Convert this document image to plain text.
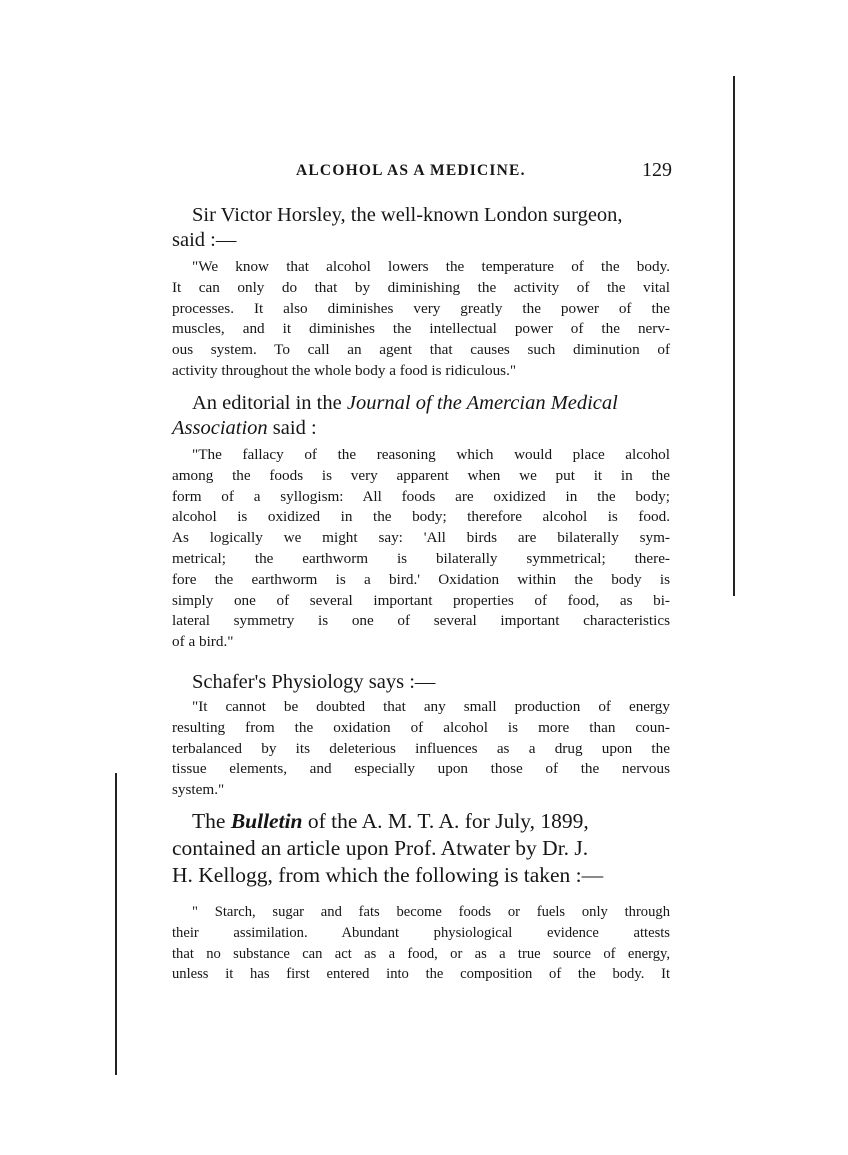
ALCOHOL AS A MEDICINE.	129
Sir Victor Horsley, the well-known London surgeon,
said :—
"We know that alcohol lowers the temperature of the body.
It can only do that by diminishing the activity of the vital
processes. It also diminishes very greatly the power of the
muscles, and it diminishes the intellectual power of the nerv-
ous system. To call an agent that causes such diminution of
activity throughout the whole body a food is ridiculous."
An editorial in the Journal of the Amercian Medical
Association said :
"The fallacy of the reasoning which would place alcohol
among the foods is very apparent when we put it in the
form of a syllogism: All foods are oxidized in the body;
alcohol is oxidized in the body; therefore alcohol is food.
As logically we might say: 'All birds are bilaterally sym-
metrical; the earthworm is bilaterally symmetrical; there-
fore the earthworm is a bird.' Oxidation within the body is
simply one of several important properties of food, as bi-
lateral symmetry is one of several important characteristics
of a bird."
Schafer's Physiology says :—
"It cannot be doubted that any small production of energy
resulting from the oxidation of alcohol is more than coun-
terbalanced by its deleterious influences as a drug upon the
tissue elements, and especially upon those of the nervous
system."
The Bulletin of the A. M. T. A. for July, 1899,
contained an article upon Prof. Atwater by Dr. J.
H. Kellogg, from which the following is taken :—
" Starch, sugar and fats become foods or fuels only through
their assimilation. Abundant physiological evidence attests
that no substance can act as a food, or as a true source of energy,
unless it has first entered into the composition of the body. It
